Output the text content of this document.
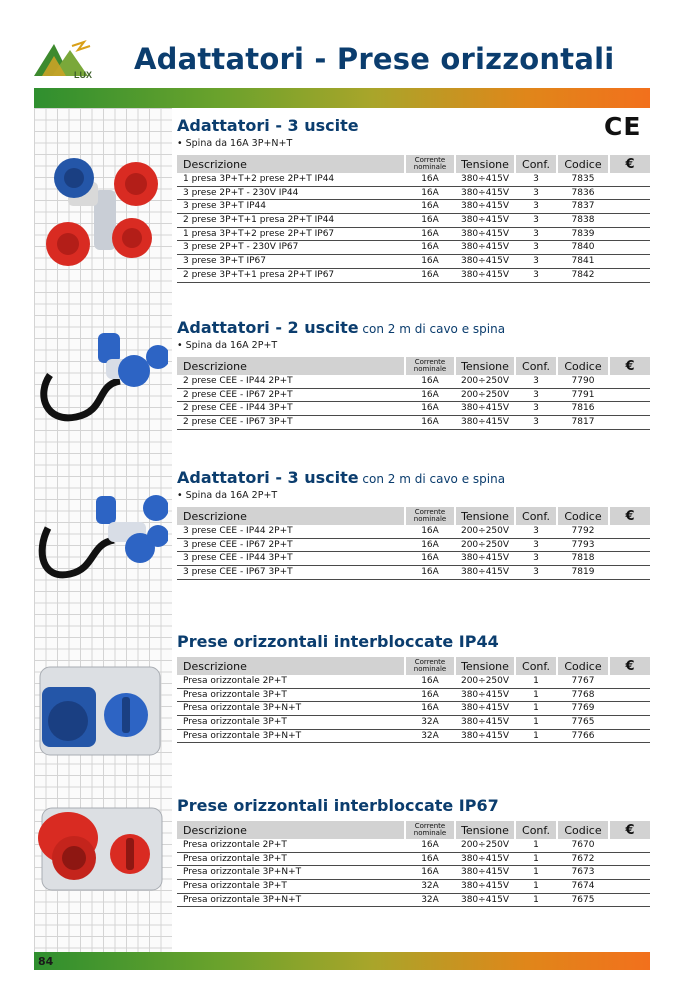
LUX Adattatori - Prese orizzontali
CE
Adattatori - 3 uscite
• Spina da 16A 3P+N+T
Descrizione	Corrente nominale	Tensione	Conf.	Codice	€
1 presa 3P+T+2 prese 2P+T IP44	16A	380÷415V	3	7835	
3 prese 2P+T - 230V IP44	16A	380÷415V	3	7836	
3 prese 3P+T IP44	16A	380÷415V	3	7837	
2 prese 3P+T+1 presa 2P+T IP44	16A	380÷415V	3	7838	
1 presa 3P+T+2 prese 2P+T IP67	16A	380÷415V	3	7839	
3 prese 2P+T - 230V IP67	16A	380÷415V	3	7840	
3 prese 3P+T IP67	16A	380÷415V	3	7841	
2 prese 3P+T+1 presa 2P+T IP67	16A	380÷415V	3	7842	
Adattatori - 2 uscite con 2 m di cavo e spina
• Spina da 16A 2P+T
Descrizione	Corrente nominale	Tensione	Conf.	Codice	€
2 prese CEE - IP44 2P+T	16A	200÷250V	3	7790	
2 prese CEE - IP67 2P+T	16A	200÷250V	3	7791	
2 prese CEE - IP44 3P+T	16A	380÷415V	3	7816	
2 prese CEE - IP67 3P+T	16A	380÷415V	3	7817	
Adattatori - 3 uscite con 2 m di cavo e spina
• Spina da 16A 2P+T
Descrizione	Corrente nominale	Tensione	Conf.	Codice	€
3 prese CEE - IP44 2P+T	16A	200÷250V	3	7792	
3 prese CEE - IP67 2P+T	16A	200÷250V	3	7793	
3 prese CEE - IP44 3P+T	16A	380÷415V	3	7818	
3 prese CEE - IP67 3P+T	16A	380÷415V	3	7819	
Prese orizzontali interbloccate IP44
Descrizione	Corrente nominale	Tensione	Conf.	Codice	€
Presa orizzontale 2P+T	16A	200÷250V	1	7767	
Presa orizzontale 3P+T	16A	380÷415V	1	7768	
Presa orizzontale 3P+N+T	16A	380÷415V	1	7769	
Presa orizzontale 3P+T	32A	380÷415V	1	7765	
Presa orizzontale 3P+N+T	32A	380÷415V	1	7766	
Prese orizzontali interbloccate IP67
Descrizione	Corrente nominale	Tensione	Conf.	Codice	€
Presa orizzontale 2P+T	16A	200÷250V	1	7670	
Presa orizzontale 3P+T	16A	380÷415V	1	7672	
Presa orizzontale 3P+N+T	16A	380÷415V	1	7673	
Presa orizzontale 3P+T	32A	380÷415V	1	7674	
Presa orizzontale 3P+N+T	32A	380÷415V	1	7675	
84
